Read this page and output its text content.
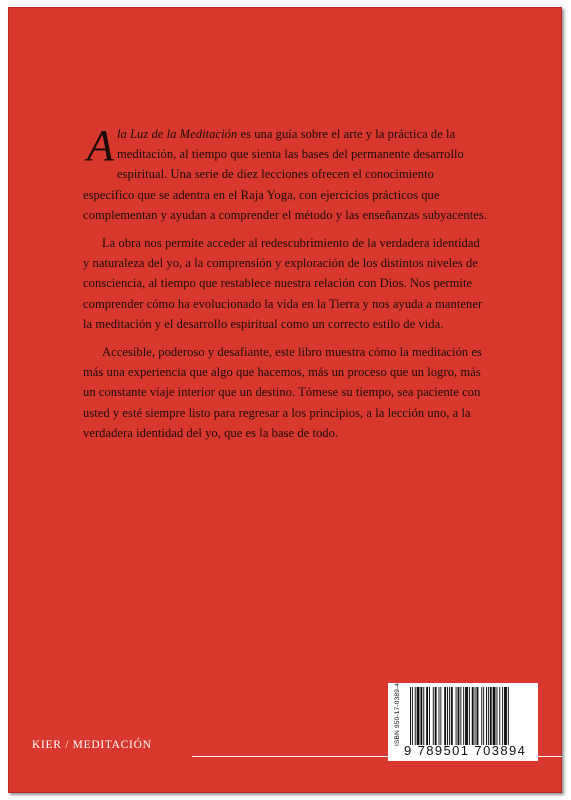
Ala Luz de la Meditación es una guía sobre el arte y la práctica de la meditación, al tiempo que sienta las bases del permanente desarrollo espiritual. Una serie de diez lecciones ofrecen el conocimiento específico que se adentra en el Raja Yoga, con ejercicios prácticos que complementan y ayudan a comprender el método y las enseñanzas subyacentes.

La obra nos permite acceder al redescubrimiento de la verdadera identidad y naturaleza del yo, a la comprensión y exploración de los distintos niveles de consciencia, al tiempo que restablece nuestra relación con Dios. Nos permite comprender cómo ha evolucionado la vida en la Tierra y nos ayuda a mantener la meditación y el desarrollo espiritual como un correcto estilo de vida.

Accesible, poderoso y desafiante, este libro muestra cómo la meditación es más una experiencia que algo que hacemos, más un proceso que un logro, más un constante viaje interior que un destino. Tómese su tiempo, sea paciente con usted y esté siempre listo para regresar a los principios, a la lección uno, a la verdadera identidad del yo, que es la base de todo.

KIER / MEDITACIÓN	ISBN 950-17-0389-4
9 789501 703894
